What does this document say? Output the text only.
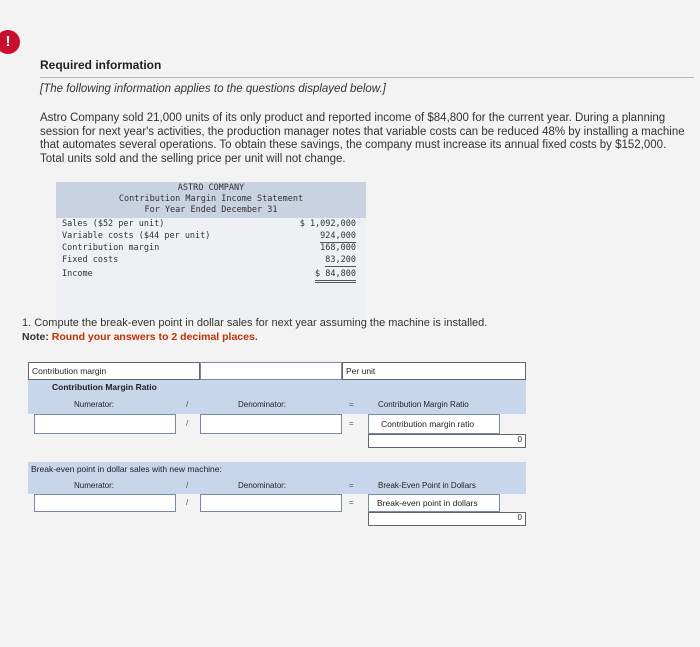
!
Required information
[The following information applies to the questions displayed below.]
Astro Company sold 21,000 units of its only product and reported income of $84,800 for the current year. During a planning session for next year's activities, the production manager notes that variable costs can be reduced 48% by installing a machine that automates several operations. To obtain these savings, the company must increase its annual fixed costs by $152,000. Total units sold and the selling price per unit will not change.
ASTRO COMPANY
Contribution Margin Income Statement
For Year Ended December 31
Sales ($52 per unit)	$ 1,092,000
Variable costs ($44 per unit)	924,000
Contribution margin	168,000
Fixed costs	83,200
Income	$ 84,800
1. Compute the break-even point in dollar sales for next year assuming the machine is installed.
Note: Round your answers to 2 decimal places.
Contribution margin	Per unit
Contribution Margin Ratio
Numerator:	/	Denominator:	=	Contribution Margin Ratio
/	=	Contribution margin ratio
0
Break-even point in dollar sales with new machine:
Numerator:	/	Denominator:	=	Break-Even Point in Dollars
/	=	Break-even point in dollars
0
